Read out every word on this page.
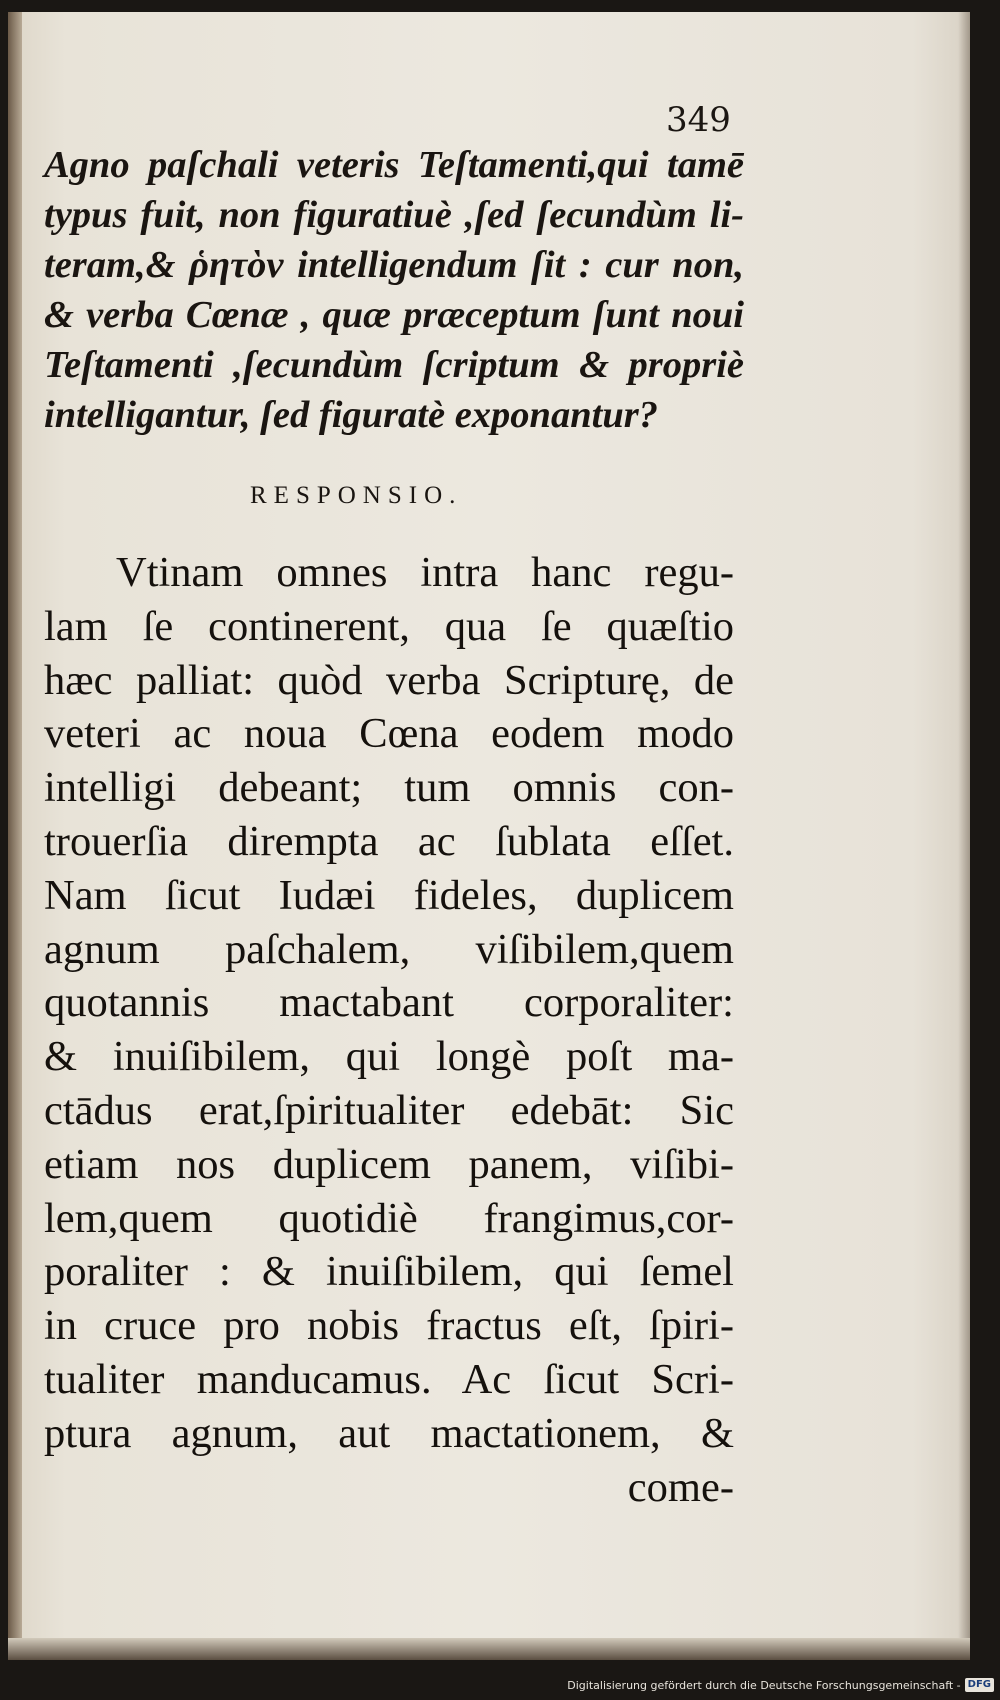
349
Agno paſchali veteris Teſtamenti,qui tamē
typus fuit, non figuratiuè ,ſed ſecundùm li-
teram,& ῥητὸν intelligendum ſit : cur non,
& verba Cœnæ , quæ præceptum ſunt noui
Teſtamenti ,ſecundùm ſcriptum & propriè
intelligantur, ſed figuratè exponantur?
RESPONSIO.
Vtinam omnes intra hanc regu-
lam ſe continerent, qua ſe quæſtio
hæc palliat: quòd verba Scripturę, de
veteri ac noua Cœna eodem modo
intelligi debeant; tum omnis con-
trouerſia dirempta ac ſublata eſſet.
Nam ſicut Iudæi fideles, duplicem
agnum paſchalem, viſibilem,quem
quotannis mactabant corporaliter:
& inuiſibilem, qui longè poſt ma-
ctādus erat,ſpiritualiter edebāt: Sic
etiam nos duplicem panem, viſibi-
lem,quem quotidiè frangimus,cor-
poraliter : & inuiſibilem, qui ſemel
in cruce pro nobis fractus eſt, ſpiri-
tualiter manducamus. Ac ſicut Scri-
ptura agnum, aut mactationem, &
come-
Digitalisierung gefördert durch die Deutsche Forschungsgemeinschaft - DFG
